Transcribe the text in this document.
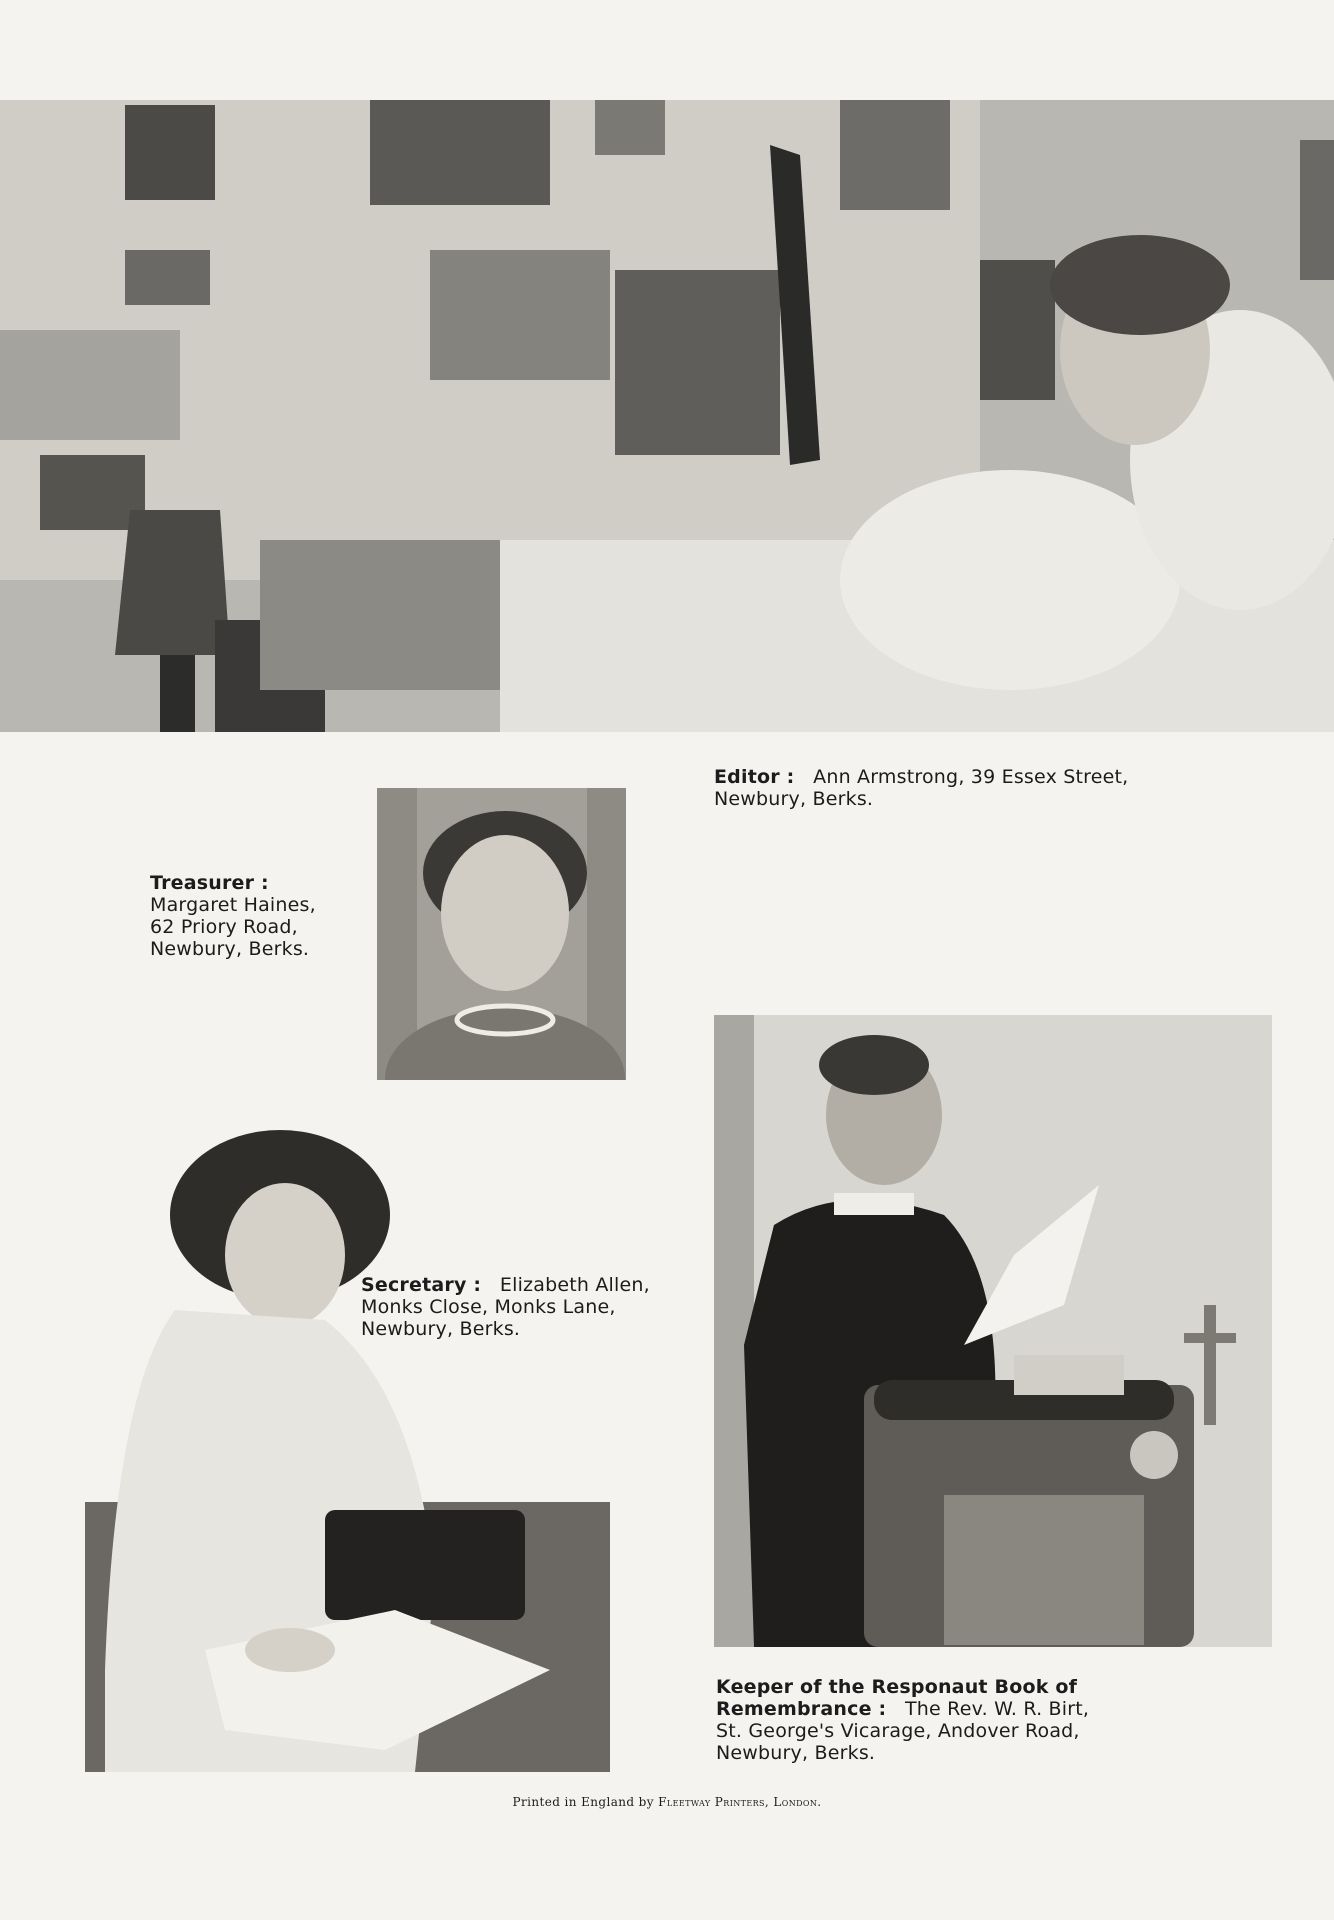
Editor : Ann Armstrong, 39 Essex Street,
Newbury, Berks.
Treasurer :
Margaret Haines,
62 Priory Road,
Newbury, Berks.
Secretary : Elizabeth Allen,
Monks Close, Monks Lane,
Newbury, Berks.
Keeper of the Responaut Book of
Remembrance : The Rev. W. R. Birt,
St. George's Vicarage, Andover Road,
Newbury, Berks.
Printed in England by Fleetway Printers, London.
